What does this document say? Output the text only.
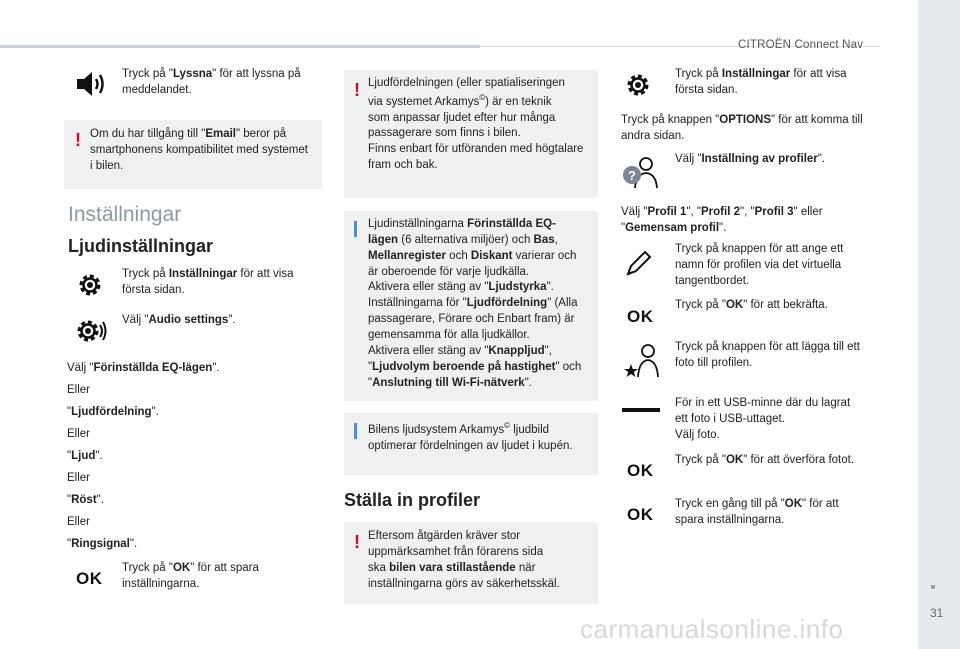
CITROËN Connect Nav
31
Tryck på "Lyssna" för att lyssna på meddelandet.
! Om du har tillgång till "Email" beror på smartphonens kompatibilitet med systemet i bilen.
Inställningar
Ljudinställningar
Tryck på Inställningar för att visa första sidan.
Välj "Audio settings".
Välj "Förinställda EQ-lägen".
Eller
"Ljudfördelning".
Eller
"Ljud".
Eller
"Röst".
Eller
"Ringsignal".
OK
Tryck på "OK" för att spara inställningarna.
! Ljudfördelningen (eller spatialiseringen
via systemet Arkamys©) är en teknik
som anpassar ljudet efter hur många
passagerare som finns i bilen.
Finns enbart för utföranden med högtalare
fram och bak.
Ljudinställningarna Förinställda EQ-
lägen (6 alternativa miljöer) och Bas,
Mellanregister och Diskant varierar och
är oberoende för varje ljudkälla.
Aktivera eller stäng av "Ljudstyrka".
Inställningarna för "Ljudfördelning" (Alla
passagerare, Förare och Enbart fram) är
gemensamma för alla ljudkällor.
Aktivera eller stäng av "Knappljud",
"Ljudvolym beroende på hastighet" och
"Anslutning till Wi-Fi-nätverk".
Bilens ljudsystem Arkamys© ljudbild
optimerar fördelningen av ljudet i kupén.
Ställa in profiler
! Eftersom åtgärden kräver stor
uppmärksamhet från förarens sida
ska bilen vara stillastående när
inställningarna görs av säkerhetsskäl.
Tryck på Inställningar för att visa första sidan.
Tryck på knappen "OPTIONS" för att komma till andra sidan.
?
Välj "Inställning av profiler".
Välj "Profil 1", "Profil 2", "Profil 3" eller
"Gemensam profil".
Tryck på knappen för att ange ett namn för profilen via det virtuella tangentbordet.
OK
Tryck på "OK" för att bekräfta.
Tryck på knappen för att lägga till ett foto till profilen.
För in ett USB-minne där du lagrat
ett foto i USB-uttaget.
Välj foto.
OK
Tryck på "OK" för att överföra fotot.
OK
Tryck en gång till på "OK" för att spara inställningarna.
carmanualsonline.info
